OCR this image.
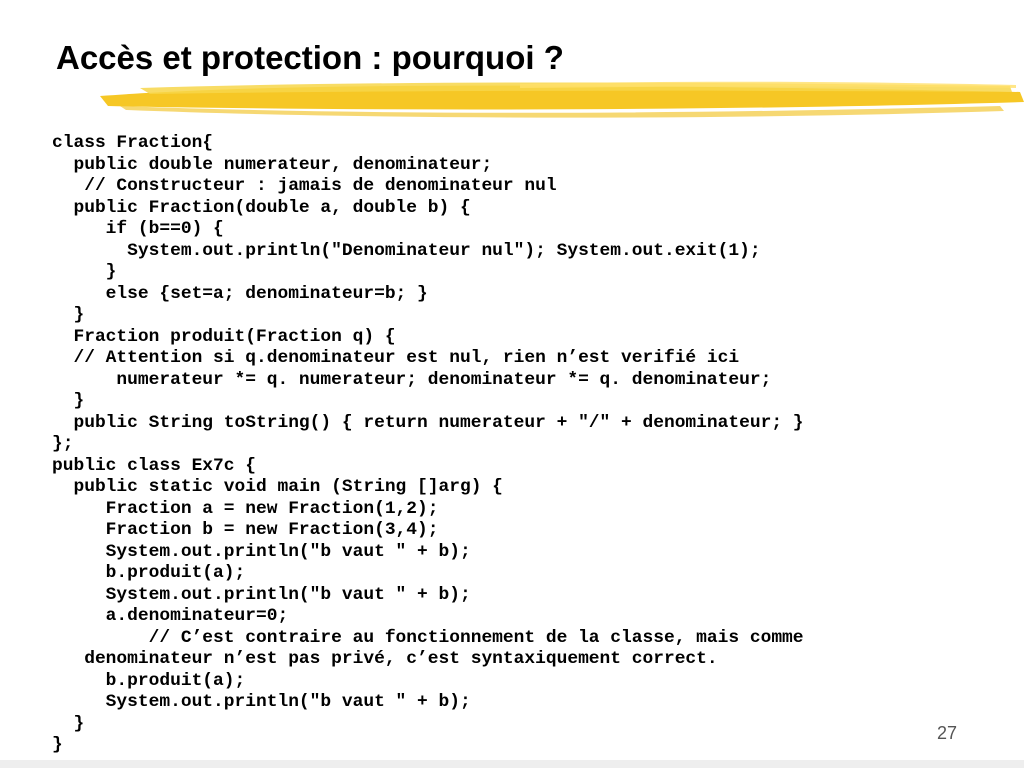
Accès et protection : pourquoi ?
class Fraction{
public double numerateur, denominateur;
// Constructeur : jamais de denominateur nul
public Fraction(double a, double b) {
if (b==0) {
System.out.println("Denominateur nul"); System.out.exit(1);
}
else {set=a; denominateur=b; }
}
Fraction produit(Fraction q) {
// Attention si q.denominateur est nul, rien n’est verifié ici
numerateur *= q. numerateur; denominateur *= q. denominateur;
}
public String toString() { return numerateur + "/" + denominateur; }
};
public class Ex7c {
public static void main (String []arg) {
Fraction a = new Fraction(1,2);
Fraction b = new Fraction(3,4);
System.out.println("b vaut " + b);
b.produit(a);
System.out.println("b vaut " + b);
a.denominateur=0;
// C’est contraire au fonctionnement de la classe, mais comme
denominateur n’est pas privé, c’est syntaxiquement correct.
b.produit(a);
System.out.println("b vaut " + b);
}
}
27
